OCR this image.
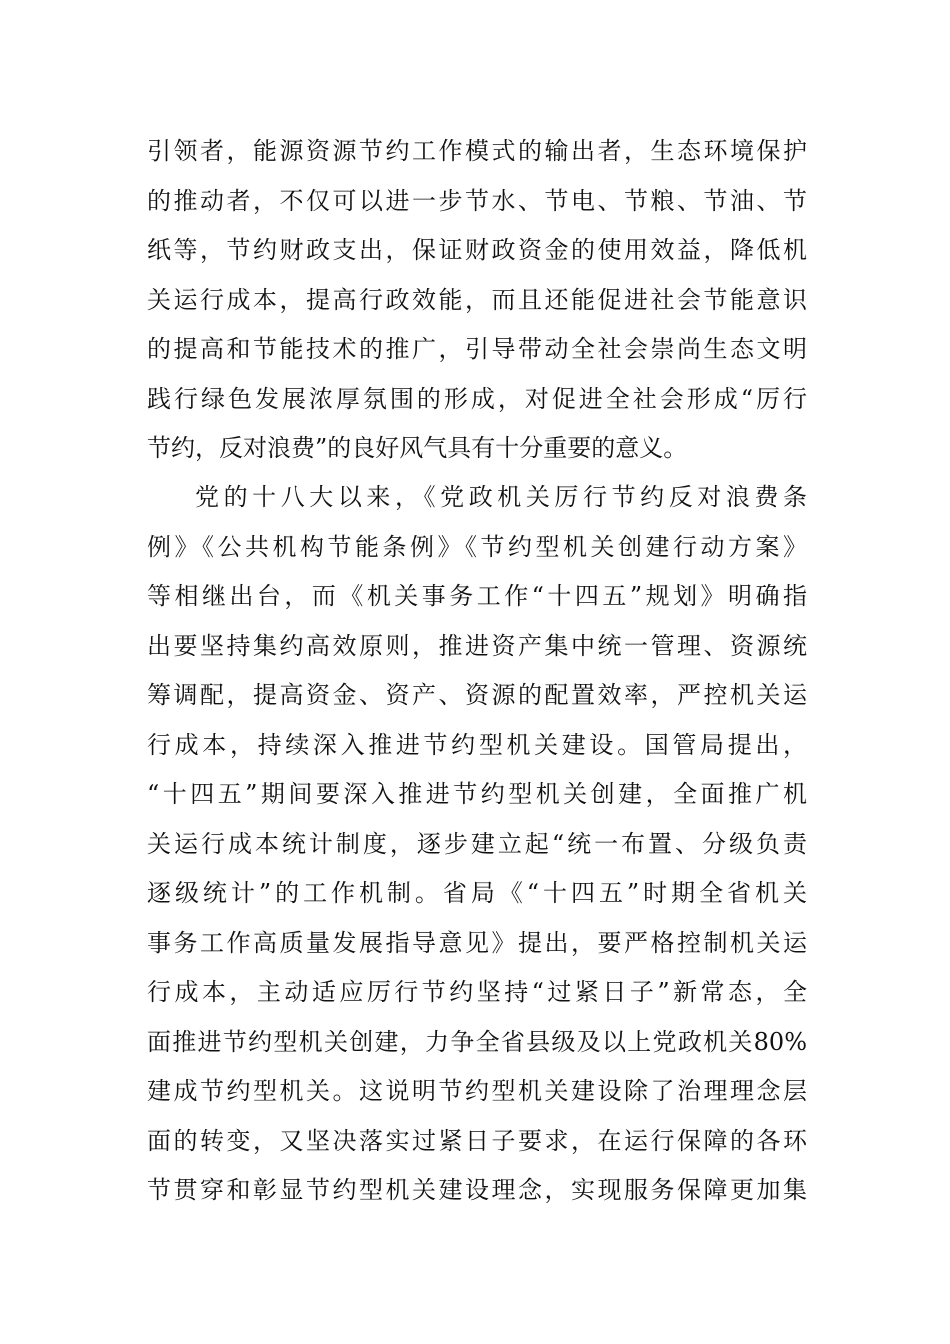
引领者，能源资源节约工作模式的输出者，生态环境保护
的推动者，不仅可以进一步节水、节电、节粮、节油、节
纸等，节约财政支出，保证财政资金的使用效益，降低机
关运行成本，提高行政效能，而且还能促进社会节能意识
的提高和节能技术的推广，引导带动全社会崇尚生态文明
践行绿色发展浓厚氛围的形成，对促进全社会形成“厉行
节约，反对浪费”的良好风气具有十分重要的意义。
党的十八大以来，《党政机关厉行节约反对浪费条
例》《公共机构节能条例》《节约型机关创建行动方案》
等相继出台，而《机关事务工作“十四五”规划》明确指
出要坚持集约高效原则，推进资产集中统一管理、资源统
筹调配，提高资金、资产、资源的配置效率，严控机关运
行成本，持续深入推进节约型机关建设。国管局提出，
“十四五”期间要深入推进节约型机关创建，全面推广机
关运行成本统计制度，逐步建立起“统一布置、分级负责
逐级统计”的工作机制。省局《“十四五”时期全省机关
事务工作高质量发展指导意见》提出，要严格控制机关运
行成本，主动适应厉行节约坚持“过紧日子”新常态，全
面推进节约型机关创建，力争全省县级及以上党政机关80%
建成节约型机关。这说明节约型机关建设除了治理理念层
面的转变，又坚决落实过紧日子要求，在运行保障的各环
节贯穿和彰显节约型机关建设理念，实现服务保障更加集
